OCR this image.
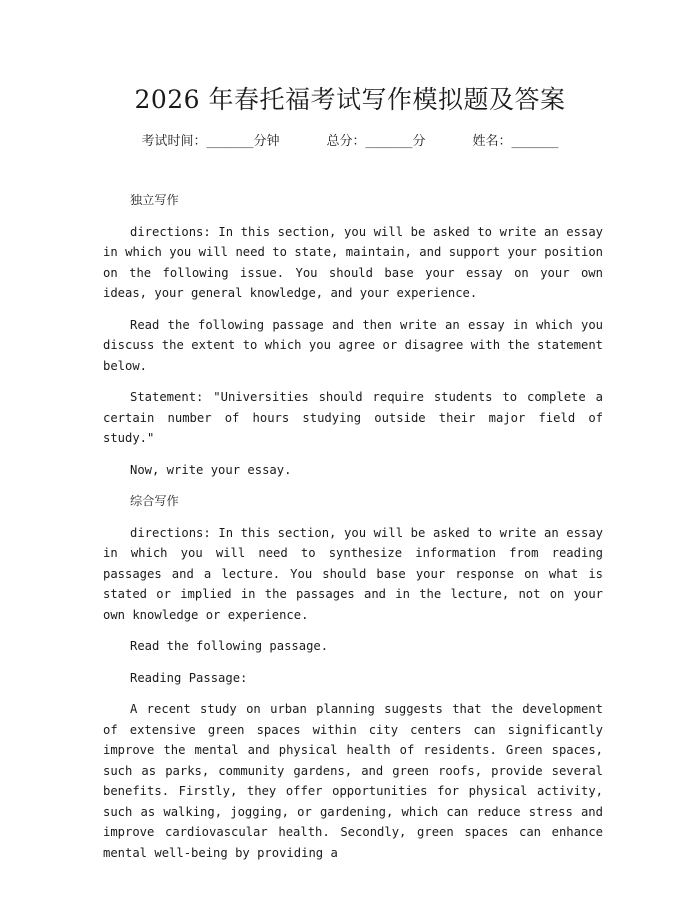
2026 年春托福考试写作模拟题及答案
考试时间：______分钟	总分：______分	姓名：______
独立写作

directions: In this section, you will be asked to write an essay in which you will need to state, maintain, and support your position on the following issue. You should base your essay on your own ideas, your general knowledge, and your experience.

Read the following passage and then write an essay in which you discuss the extent to which you agree or disagree with the statement below.

Statement: "Universities should require students to complete a certain number of hours studying outside their major field of study."

Now, write your essay.

综合写作

directions: In this section, you will be asked to write an essay in which you will need to synthesize information from reading passages and a lecture. You should base your response on what is stated or implied in the passages and in the lecture, not on your own knowledge or experience.

Read the following passage.

Reading Passage:

A recent study on urban planning suggests that the development of extensive green spaces within city centers can significantly improve the mental and physical health of residents. Green spaces, such as parks, community gardens, and green roofs, provide several benefits. Firstly, they offer opportunities for physical activity, such as walking, jogging, or gardening, which can reduce stress and improve cardiovascular health. Secondly, green spaces can enhance mental well-being by providing a
